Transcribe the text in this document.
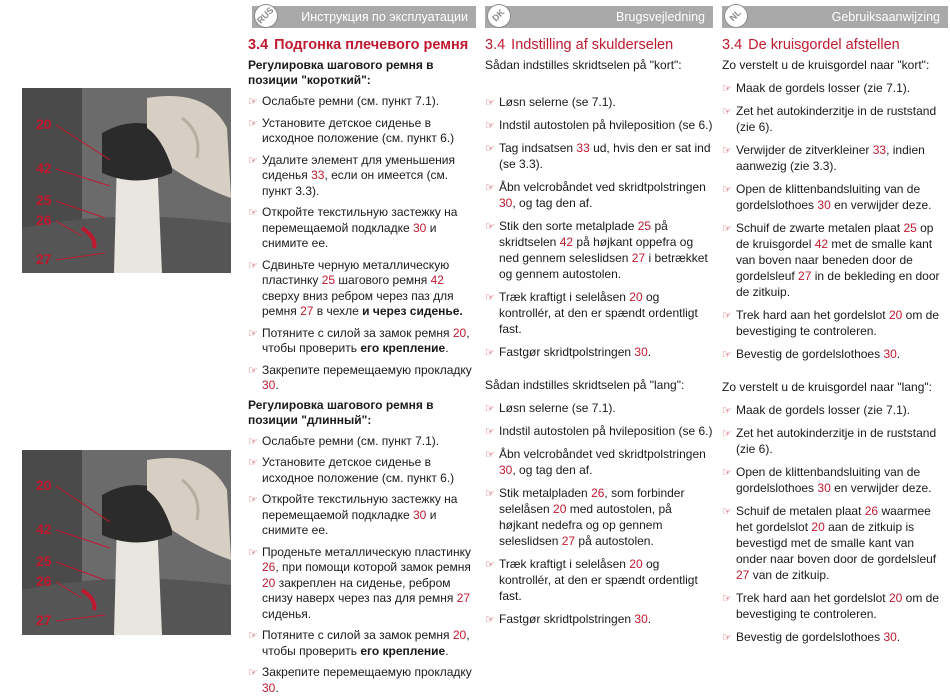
20
42
25
26
27
20
42
25
26
27
RUS	Инструкция по эксплуатации
3.4 Подгонка плечевого ремня
Регулировка шагового ремня в позиции "короткий":
☞ Ослабьте ремни (см. пункт 7.1).
☞ Установите детское сиденье в исходное положение (см. пункт 6.)
☞ Удалите элемент для уменьшения сиденья 33, если он имеется (см. пункт 3.3).
☞ Откройте текстильную застежку на перемещаемой подкладке 30 и снимите ее.
☞ Сдвиньте черную металлическую пластинку 25 шагового ремня 42 сверху вниз ребром через паз для ремня 27 в чехле и через сиденье.
☞ Потяните с силой за замок ремня 20, чтобы проверить его крепление.
☞ Закрепите перемещаемую прокладку 30.
Регулировка шагового ремня в позиции "длинный":
☞ Ослабьте ремни (см. пункт 7.1).
☞ Установите детское сиденье в исходное положение (см. пункт 6.)
☞ Откройте текстильную застежку на перемещаемой подкладке 30 и снимите ее.
☞ Проденьте металлическую пластинку 26, при помощи которой замок ремня 20 закреплен на сиденье, ребром снизу наверх через паз для ремня 27 сиденья.
☞ Потяните с силой за замок ремня 20, чтобы проверить его крепление.
☞ Закрепите перемещаемую прокладку 30.
DK	Brugsvejledning
3.4 Indstilling af skulderselen
Sådan indstilles skridtselen på "kort":
☞ Løsn selerne (se 7.1).
☞ Indstil autostolen på hvileposition (se 6.)
☞ Tag indsatsen 33 ud, hvis den er sat ind (se 3.3).
☞ Åbn velcrobåndet ved skridtpolstringen 30, og tag den af.
☞ Stik den sorte metalplade 25 på skridtselen 42 på højkant oppefra og ned gennem seleslidsen 27 i betrækket og gennem autostolen.
☞ Træk kraftigt i selelåsen 20 og kontrollér, at den er spændt ordentligt fast.
☞ Fastgør skridtpolstringen 30.
Sådan indstilles skridtselen på "lang":
☞ Løsn selerne (se 7.1).
☞ Indstil autostolen på hvileposition (se 6.)
☞ Åbn velcrobåndet ved skridtpolstringen 30, og tag den af.
☞ Stik metalpladen 26, som forbinder selelåsen 20 med autostolen, på højkant nedefra og op gennem seleslidsen 27 på autostolen.
☞ Træk kraftigt i selelåsen 20 og kontrollér, at den er spændt ordentligt fast.
☞ Fastgør skridtpolstringen 30.
NL	Gebruiksaanwijzing
3.4 De kruisgordel afstellen
Zo verstelt u de kruisgordel naar "kort":
☞ Maak de gordels losser (zie 7.1).
☞ Zet het autokinderzitje in de ruststand (zie 6).
☞ Verwijder de zitverkleiner 33, indien aanwezig (zie 3.3).
☞ Open de klittenbandsluiting van de gordelslothoes 30 en verwijder deze.
☞ Schuif de zwarte metalen plaat 25 op de kruisgordel 42 met de smalle kant van boven naar beneden door de gordelsleuf 27 in de bekleding en door de zitkuip.
☞ Trek hard aan het gordelslot 20 om de bevestiging te controleren.
☞ Bevestig de gordelslothoes 30.
Zo verstelt u de kruisgordel naar "lang":
☞ Maak de gordels losser (zie 7.1).
☞ Zet het autokinderzitje in de ruststand (zie 6).
☞ Open de klittenbandsluiting van de gordelslothoes 30 en verwijder deze.
☞ Schuif de metalen plaat 26 waarmee het gordelslot 20 aan de zitkuip is bevestigd met de smalle kant van onder naar boven door de gordelsleuf 27 van de zitkuip.
☞ Trek hard aan het gordelslot 20 om de bevestiging te controleren.
☞ Bevestig de gordelslothoes 30.
